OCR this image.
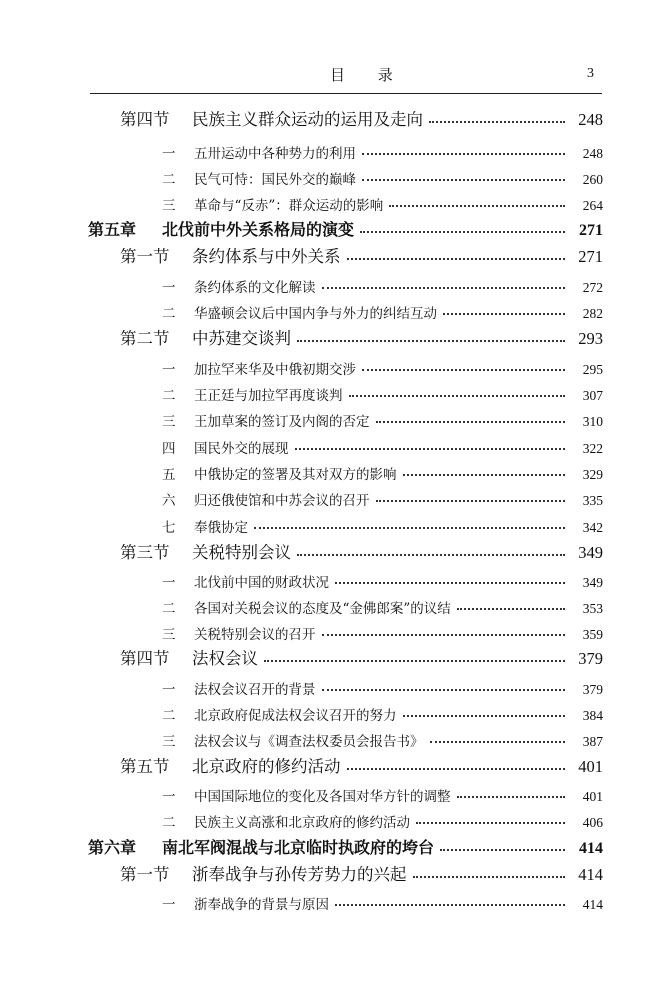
目 录	3
第四节	民族主义群众运动的运用及走向	248
一	五卅运动中各种势力的利用	248
二	民气可恃：国民外交的巅峰	260
三	革命与“反赤”：群众运动的影响	264
第五章	北伐前中外关系格局的演变	271
第一节	条约体系与中外关系	271
一	条约体系的文化解读	272
二	华盛顿会议后中国内争与外力的纠结互动	282
第二节	中苏建交谈判	293
一	加拉罕来华及中俄初期交涉	295
二	王正廷与加拉罕再度谈判	307
三	王加草案的签订及内阁的否定	310
四	国民外交的展现	322
五	中俄协定的签署及其对双方的影响	329
六	归还俄使馆和中苏会议的召开	335
七	奉俄协定	342
第三节	关税特别会议	349
一	北伐前中国的财政状况	349
二	各国对关税会议的态度及“金佛郎案”的议结	353
三	关税特别会议的召开	359
第四节	法权会议	379
一	法权会议召开的背景	379
二	北京政府促成法权会议召开的努力	384
三	法权会议与《调查法权委员会报告书》	387
第五节	北京政府的修约活动	401
一	中国国际地位的变化及各国对华方针的调整	401
二	民族主义高涨和北京政府的修约活动	406
第六章	南北军阀混战与北京临时执政府的垮台	414
第一节	浙奉战争与孙传芳势力的兴起	414
一	浙奉战争的背景与原因	414
